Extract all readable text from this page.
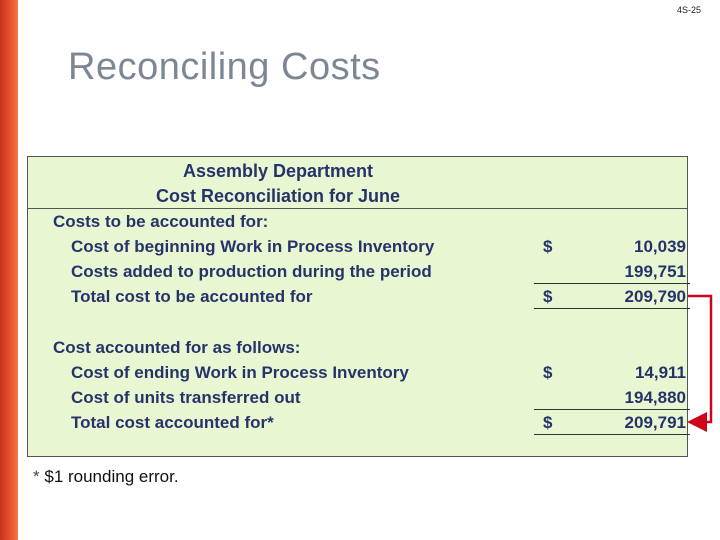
4S-25
Reconciling Costs
Assembly Department
Cost Reconciliation for June
Costs to be accounted for:
Cost of beginning Work in Process Inventory	$	10,039
Costs added to production during the period	199,751
Total cost to be accounted for	$	209,790
Cost accounted for as follows:
Cost of ending Work in Process Inventory	$	14,911
Cost of units transferred out	194,880
Total cost accounted for*	$	209,791
* $1 rounding error.
